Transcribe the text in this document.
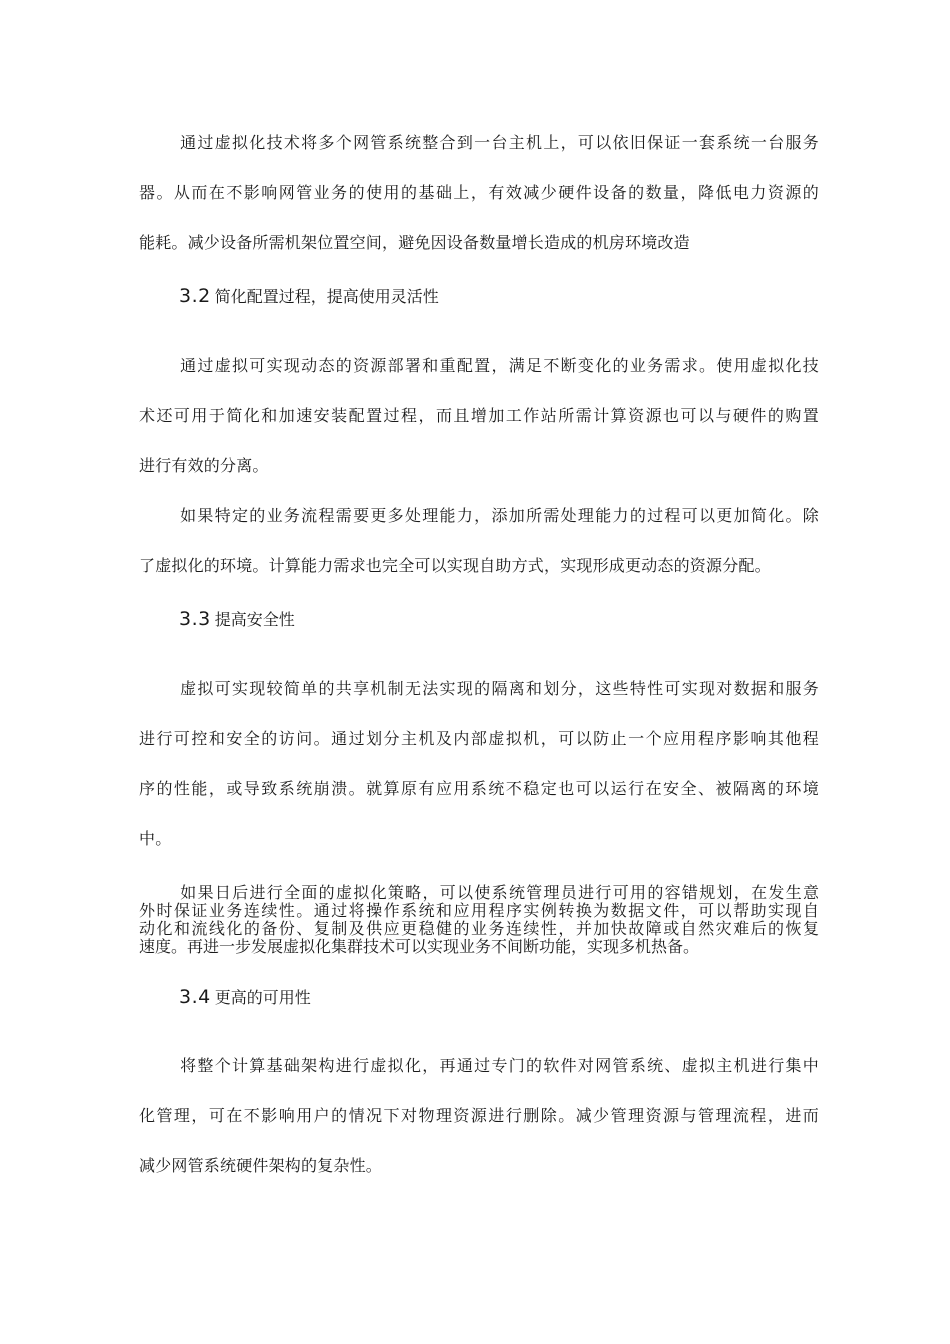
通过虚拟化技术将多个网管系统整合到一台主机上，可以依旧保证一套系统一台服务
器。从而在不影响网管业务的使用的基础上，有效减少硬件设备的数量，降低电力资源的
能耗。减少设备所需机架位置空间，避免因设备数量增长造成的机房环境改造
3.2 简化配置过程，提高使用灵活性
通过虚拟可实现动态的资源部署和重配置，满足不断变化的业务需求。使用虚拟化技
术还可用于简化和加速安装配置过程，而且增加工作站所需计算资源也可以与硬件的购置
进行有效的分离。
如果特定的业务流程需要更多处理能力，添加所需处理能力的过程可以更加简化。除
了虚拟化的环境。计算能力需求也完全可以实现自助方式，实现形成更动态的资源分配。
3.3 提高安全性
虚拟可实现较简单的共享机制无法实现的隔离和划分，这些特性可实现对数据和服务
进行可控和安全的访问。通过划分主机及内部虚拟机，可以防止一个应用程序影响其他程
序的性能，或导致系统崩溃。就算原有应用系统不稳定也可以运行在安全、被隔离的环境
中。
如果日后进行全面的虚拟化策略，可以使系统管理员进行可用的容错规划，在发生意
外时保证业务连续性。通过将操作系统和应用程序实例转换为数据文件，可以帮助实现自
动化和流线化的备份、复制及供应更稳健的业务连续性，并加快故障或自然灾难后的恢复
速度。再进一步发展虚拟化集群技术可以实现业务不间断功能，实现多机热备。
3.4 更高的可用性
将整个计算基础架构进行虚拟化，再通过专门的软件对网管系统、虚拟主机进行集中
化管理，可在不影响用户的情况下对物理资源进行删除。减少管理资源与管理流程，进而
减少网管系统硬件架构的复杂性。
